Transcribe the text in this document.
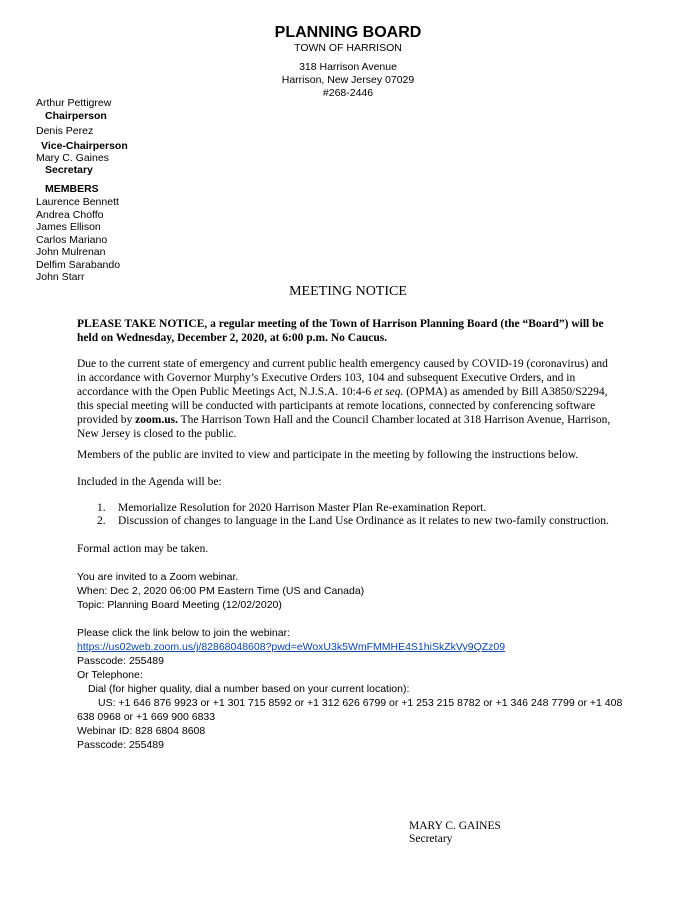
PLANNING BOARD
TOWN OF HARRISON
318 Harrison Avenue
Harrison, New Jersey 07029
#268-2446
Arthur Pettigrew
Chairperson
Denis Perez
Vice-Chairperson
Mary C. Gaines
Secretary
MEMBERS
Laurence Bennett
Andrea Choffo
James Ellison
Carlos Mariano
John Mulrenan
Delfim Sarabando
John Starr
MEETING NOTICE
PLEASE TAKE NOTICE, a regular meeting of the Town of Harrison Planning Board (the “Board”) will be held on Wednesday, December 2, 2020, at 6:00 p.m. No Caucus.
Due to the current state of emergency and current public health emergency caused by COVID-19 (coronavirus) and in accordance with Governor Murphy’s Executive Orders 103, 104 and subsequent Executive Orders, and in accordance with the Open Public Meetings Act, N.J.S.A. 10:4-6 et seq. (OPMA) as amended by Bill A3850/S2294, this special meeting will be conducted with participants at remote locations, connected by conferencing software provided by zoom.us. The Harrison Town Hall and the Council Chamber located at 318 Harrison Avenue, Harrison, New Jersey is closed to the public.
Members of the public are invited to view and participate in the meeting by following the instructions below.
Included in the Agenda will be:
1. Memorialize Resolution for 2020 Harrison Master Plan Re-examination Report.
2. Discussion of changes to language in the Land Use Ordinance as it relates to new two-family construction.
Formal action may be taken.
You are invited to a Zoom webinar.
When: Dec 2, 2020 06:00 PM Eastern Time (US and Canada)
Topic: Planning Board Meeting (12/02/2020)
Please click the link below to join the webinar:
https://us02web.zoom.us/j/82868048608?pwd=eWoxU3k5WmFMMHE4S1hiSkZkVy9QZz09
Passcode: 255489
Or Telephone:
Dial (for higher quality, dial a number based on your current location):
US: +1 646 876 9923 or +1 301 715 8592 or +1 312 626 6799 or +1 253 215 8782 or +1 346 248 7799 or +1 408
638 0968 or +1 669 900 6833
Webinar ID: 828 6804 8608
Passcode: 255489
MARY C. GAINES
Secretary
